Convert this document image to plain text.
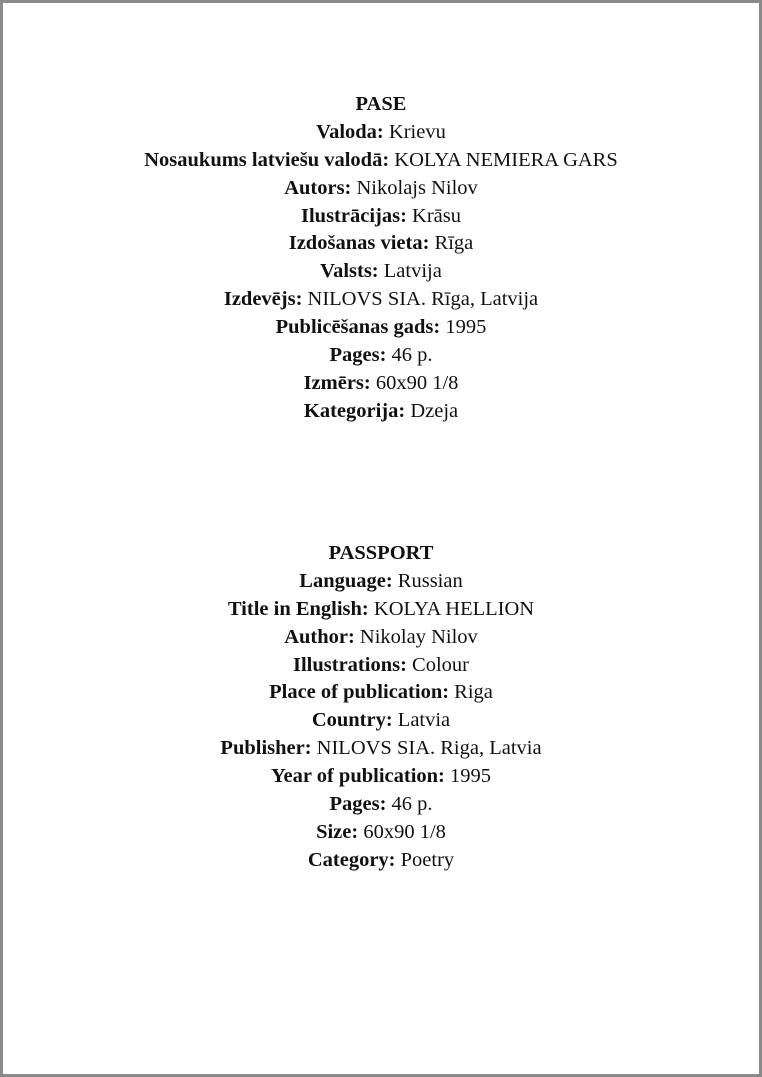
PASE
Valoda: Krievu
Nosaukums latviešu valodā: KOLYA NEMIERA GARS
Autors: Nikolajs Nilov
Ilustrācijas: Krāsu
Izdošanas vieta: Rīga
Valsts: Latvija
Izdevējs: NILOVS SIA. Rīga, Latvija
Publicēšanas gads: 1995
Pages: 46 p.
Izmērs: 60x90 1/8
Kategorija: Dzeja
PASSPORT
Language: Russian
Title in English: KOLYA HELLION
Author: Nikolay Nilov
Illustrations: Colour
Place of publication: Riga
Country: Latvia
Publisher: NILOVS SIA. Riga, Latvia
Year of publication: 1995
Pages: 46 p.
Size: 60x90 1/8
Category: Poetry
